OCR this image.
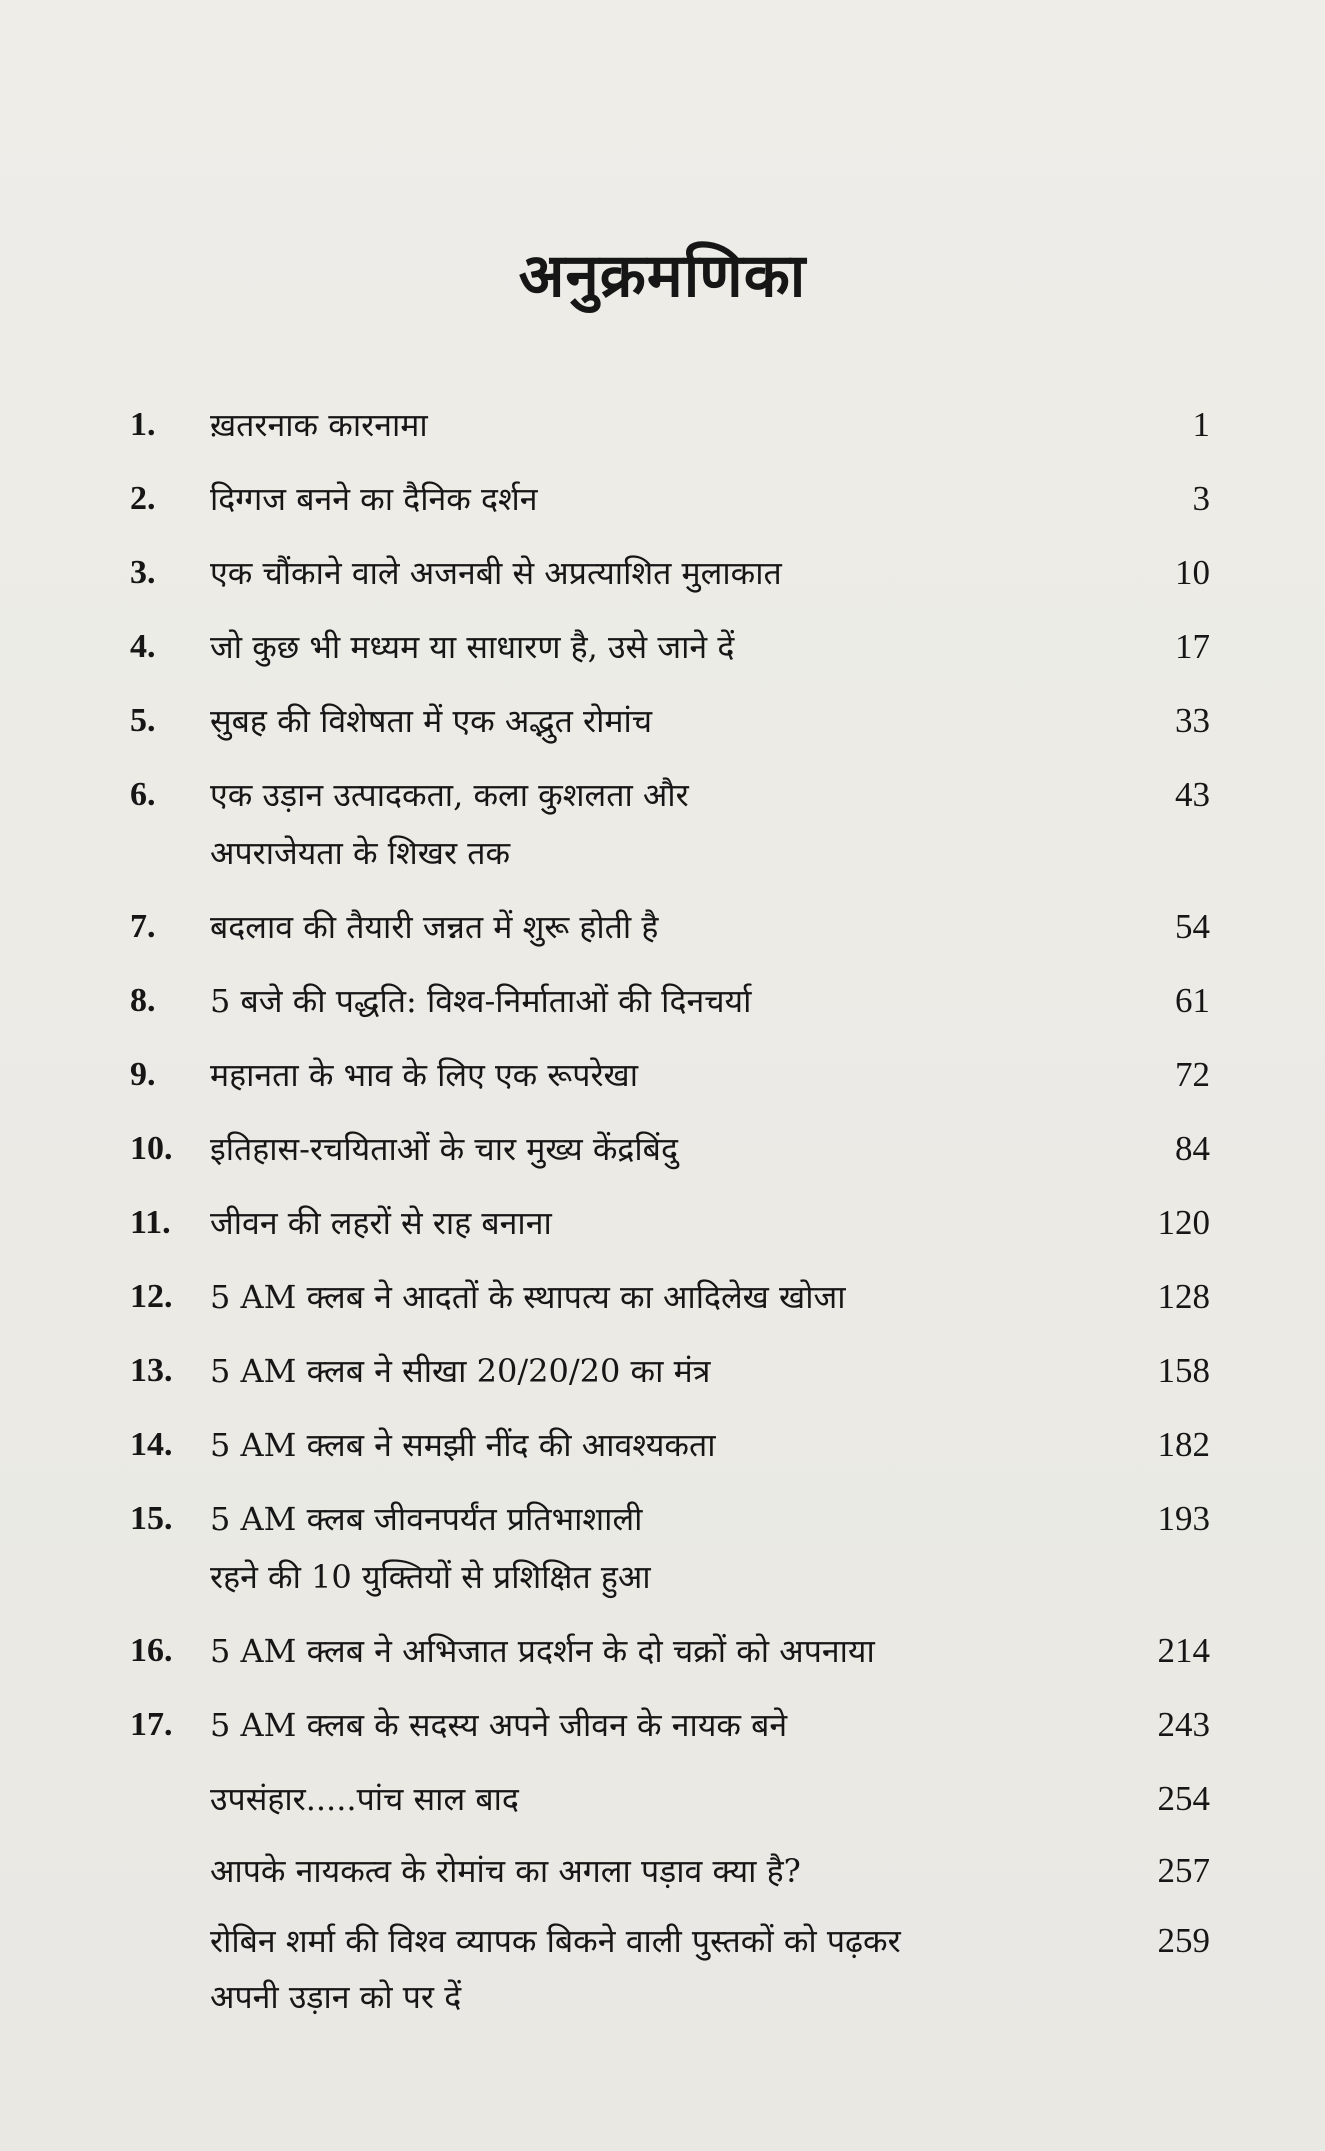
अनुक्रमणिका
1.	ख़तरनाक कारनामा	1
2.	दिग्गज बनने का दैनिक दर्शन	3
3.	एक चौंकाने वाले अजनबी से अप्रत्याशित मुलाकात	10
4.	जो कुछ भी मध्यम या साधारण है, उसे जाने दें	17
5.	सुबह की विशेषता में एक अद्भुत रोमांच	33
6.	एक उड़ान उत्पादकता, कला कुशलता और	43
अपराजेयता के शिखर तक
7.	बदलाव की तैयारी जन्नत में शुरू होती है	54
8.	5 बजे की पद्धति: विश्व-निर्माताओं की दिनचर्या	61
9.	महानता के भाव के लिए एक रूपरेखा	72
10.	इतिहास-रचयिताओं के चार मुख्य केंद्रबिंदु	84
11.	जीवन की लहरों से राह बनाना	120
12.	5 AM क्लब ने आदतों के स्थापत्य का आदिलेख खोजा	128
13.	5 AM क्लब ने सीखा 20/20/20 का मंत्र	158
14.	5 AM क्लब ने समझी नींद की आवश्यकता	182
15.	5 AM क्लब जीवनपर्यंत प्रतिभाशाली	193
रहने की 10 युक्तियों से प्रशिक्षित हुआ
16.	5 AM क्लब ने अभिजात प्रदर्शन के दो चक्रों को अपनाया	214
17.	5 AM क्लब के सदस्य अपने जीवन के नायक बने	243
उपसंहार.....पांच साल बाद	254
आपके नायकत्व के रोमांच का अगला पड़ाव क्या है?	257
रोबिन शर्मा की विश्व व्यापक बिकने वाली पुस्तकों को पढ़कर	259
अपनी उड़ान को पर दें
